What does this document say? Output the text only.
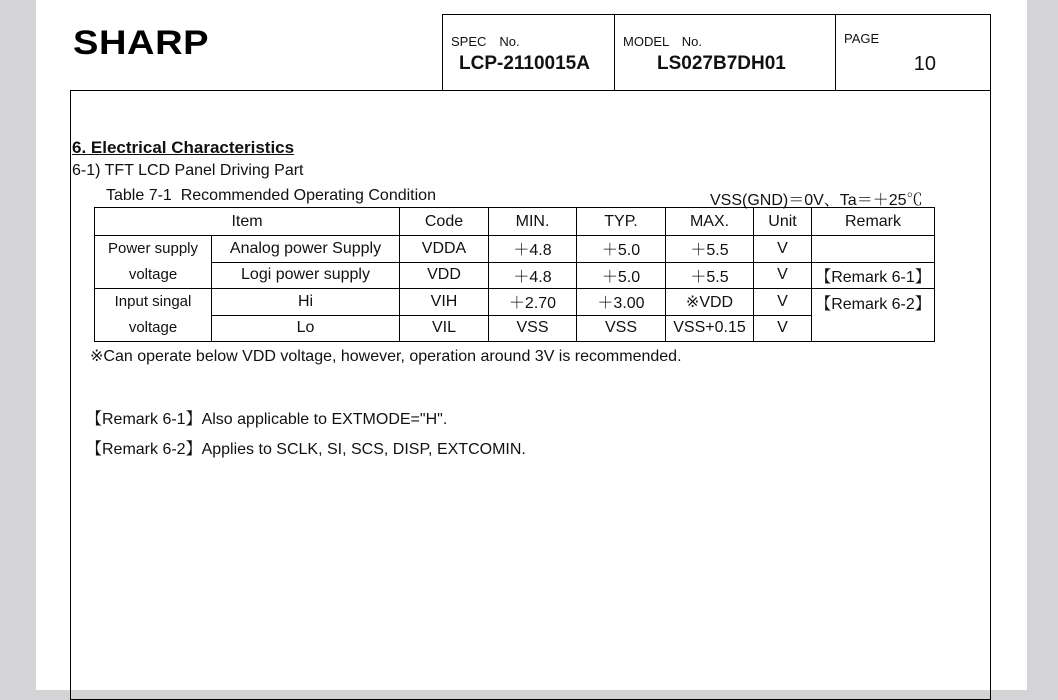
SHARP	SPEC　No.
LCP-2110015A
MODEL　No.
LS027B7DH01
PAGE
10
6. Electrical Characteristics
6-1) TFT LCD Panel Driving Part
Table 7-1  Recommended Operating Condition	VSS(GND)＝0V、Ta＝＋25℃
Item		Code	MIN.	TYP.	MAX.	Unit	Remark
Power supply	Analog power Supply	VDDA	＋4.8	＋5.0	＋5.5	V	
voltage	Logi power supply	VDD	＋4.8	＋5.0	＋5.5	V	【Remark 6-1】
Input singal	Hi	VIH	＋2.70	＋3.00	※VDD	V	【Remark 6-2】
voltage	Lo	VIL	VSS	VSS	VSS+0.15	V	
※Can operate below VDD voltage, however, operation around 3V is recommended.
【Remark 6-1】Also applicable to EXTMODE="H".
【Remark 6-2】Applies to SCLK, SI, SCS, DISP, EXTCOMIN.
